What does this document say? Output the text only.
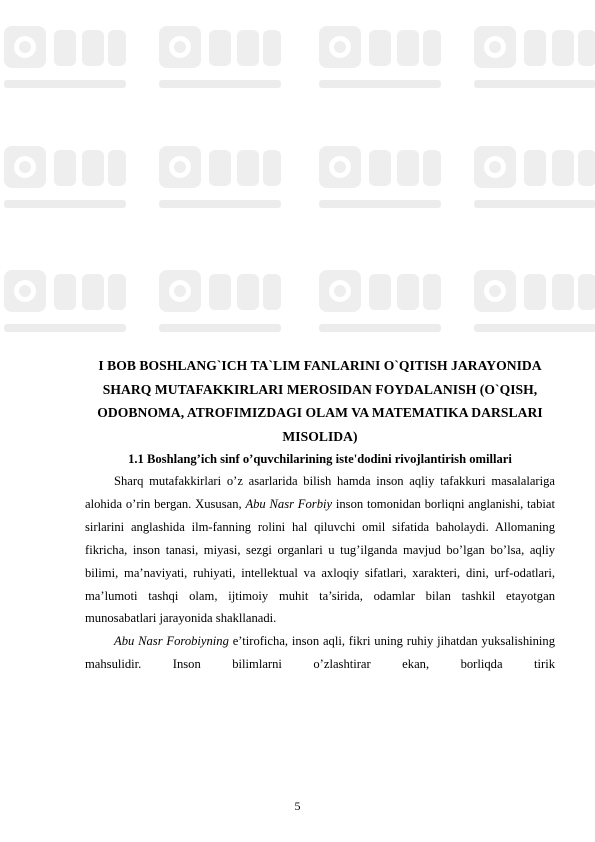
I BOB BOSHLANG`ICH TA`LIM FANLARINI O`QITISH JARAYONIDA
SHARQ MUTAFAKKIRLARI MEROSIDAN FOYDALANISH (O`QISH,
ODOBNOMA, ATROFIMIZDAGI OLAM VA MATEMATIKA DARSLARI
MISOLIDA)

1.1 Boshlang’ich sinf o’quvchilarining iste'dodini rivojlantirish omillari

Sharq mutafakkirlari o’z asarlarida bilish hamda inson aqliy tafakkuri masalalariga alohida o’rin bergan. Xususan, Abu Nasr Forbiy inson tomonidan borliqni anglanishi, tabiat sirlarini anglashida ilm-fanning rolini hal qiluvchi omil sifatida baholaydi. Allomaning fikricha, inson tanasi, miyasi, sezgi organlari u tug’ilganda mavjud bo’lgan bo’lsa, aqliy bilimi, ma’naviyati, ruhiyati, intellektual va axloqiy sifatlari, xarakteri, dini, urf-odatlari, ma’lumoti tashqi olam, ijtimoiy muhit ta’sirida, odamlar bilan tashkil etayotgan munosabatlari jarayonida shakllanadi.

Abu Nasr Forobiyning e’tiroficha, inson aqli, fikri uning ruhiy jihatdan yuksalishining mahsulidir. Inson bilimlarni o’zlashtirar ekan, borliqda tirik

5
